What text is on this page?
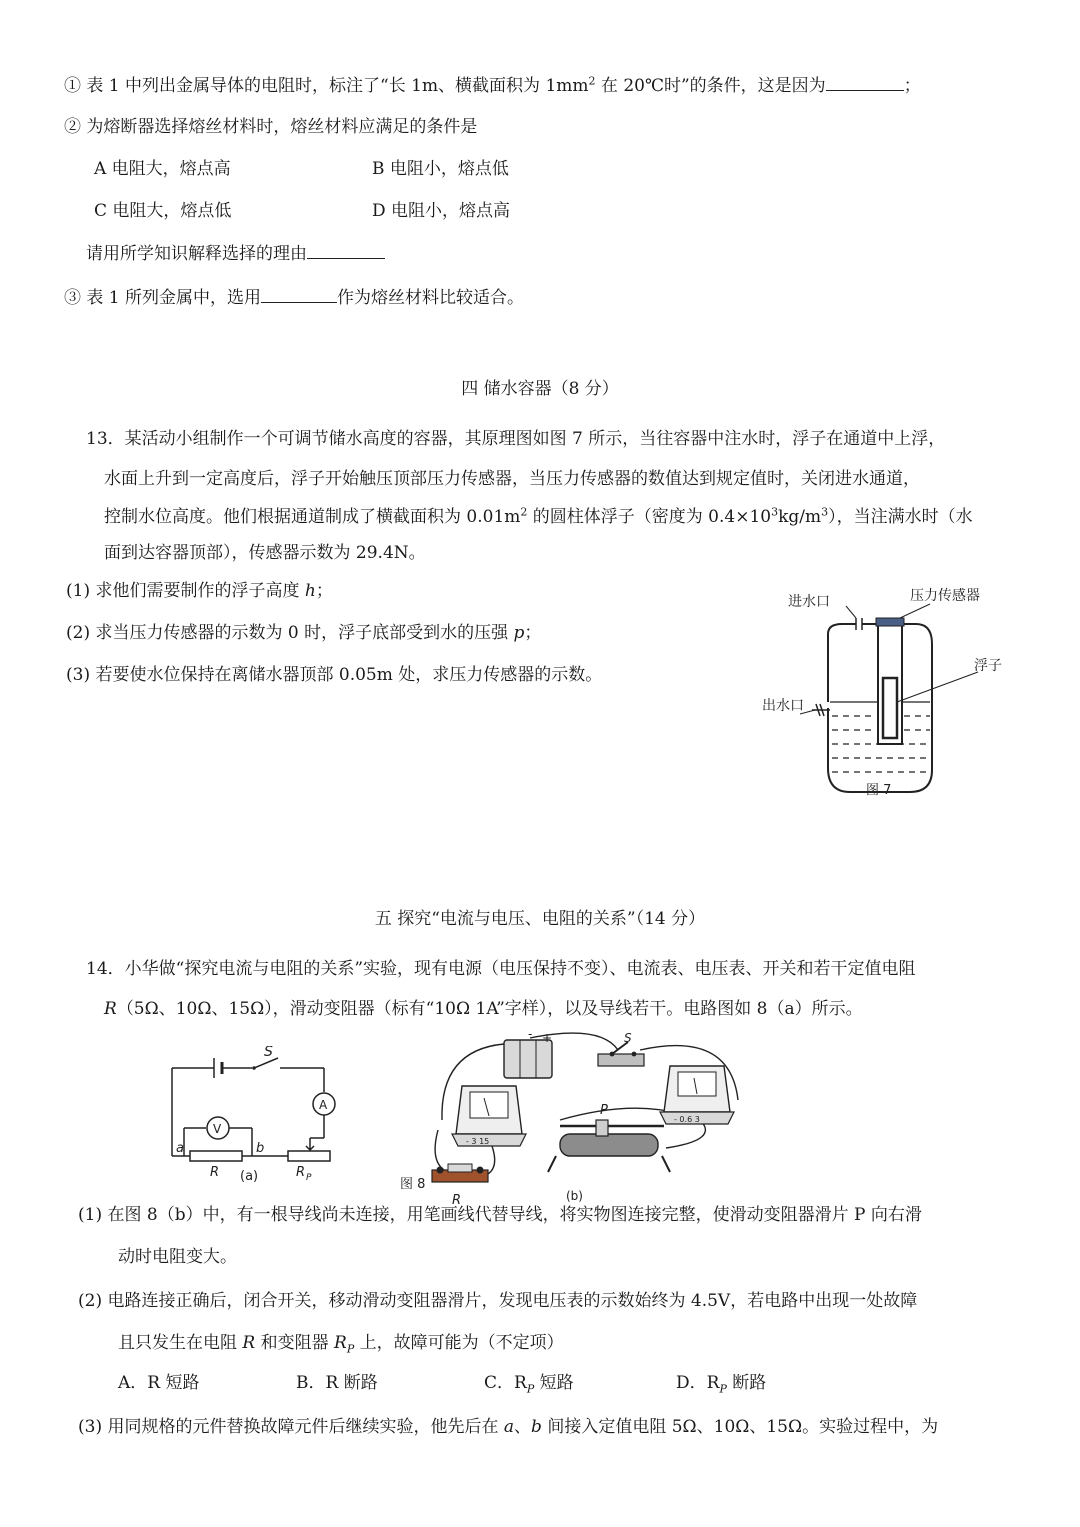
① 表 1 中列出金属导体的电阻时，标注了“长 1m、横截面积为 $1mm^2$ 在 20℃时”的条件，这是因为	；
② 为熔断器选择熔丝材料时，熔丝材料应满足的条件是
A 电阻大，熔点高	B 电阻小，熔点低
C 电阻大，熔点低	D 电阻小，熔点高
请用所学知识解释选择的理由
③ 表 1 所列金属中，选用	作为熔丝材料比较适合。
四 储水容器（8 分）
13．某活动小组制作一个可调节储水高度的容器，其原理图如图 7 所示，当往容器中注水时，浮子在通道中上浮，
水面上升到一定高度后，浮子开始触压顶部压力传感器，当压力传感器的数值达到规定值时，关闭进水通道，
控制水位高度。他们根据通道制成了横截面积为 $0.01m^2$ 的圆柱体浮子（密度为 $0.4\times 10^3kg/m^3$），当注满水时（水
面到达容器顶部），传感器示数为 29.4N。
(1) 求他们需要制作的浮子高度 h；
(2) 求当压力传感器的示数为 0 时，浮子底部受到水的压强 p；
(3) 若要使水位保持在离储水器顶部 0.05m 处，求压力传感器的示数。
进水口	压力传感器
浮子
出水口
图 7
五 探究“电流与电压、电阻的关系”（14 分）
14．小华做“探究电流与电阻的关系”实验，现有电源（电压保持不变）、电流表、电压表、开关和若干定值电阻
R（5Ω、10Ω、15Ω），滑动变阻器（标有“10Ω 1A”字样），以及导线若干。电路图如 8（a）所示。
S
A
V
a	b
R (a)	R P
+
-	S
- 3 15
- 0.6 3
P
图 8
R	(b)
(1) 在图 8（b）中，有一根导线尚未连接，用笔画线代替导线，将实物图连接完整，使滑动变阻器滑片 P 向右滑
动时电阻变大。
(2) 电路连接正确后，闭合开关，移动滑动变阻器滑片，发现电压表的示数始终为 4.5V，若电路中出现一处故障
且只发生在电阻 R 和变阻器 $R_P$ 上，故障可能为（不定项）
A．R 短路	B．R 断路	C．$R_P$ 短路	D．$R_P$ 断路
(3) 用同规格的元件替换故障元件后继续实验，他先后在 a、b 间接入定值电阻 5Ω、10Ω、15Ω。实验过程中，为
